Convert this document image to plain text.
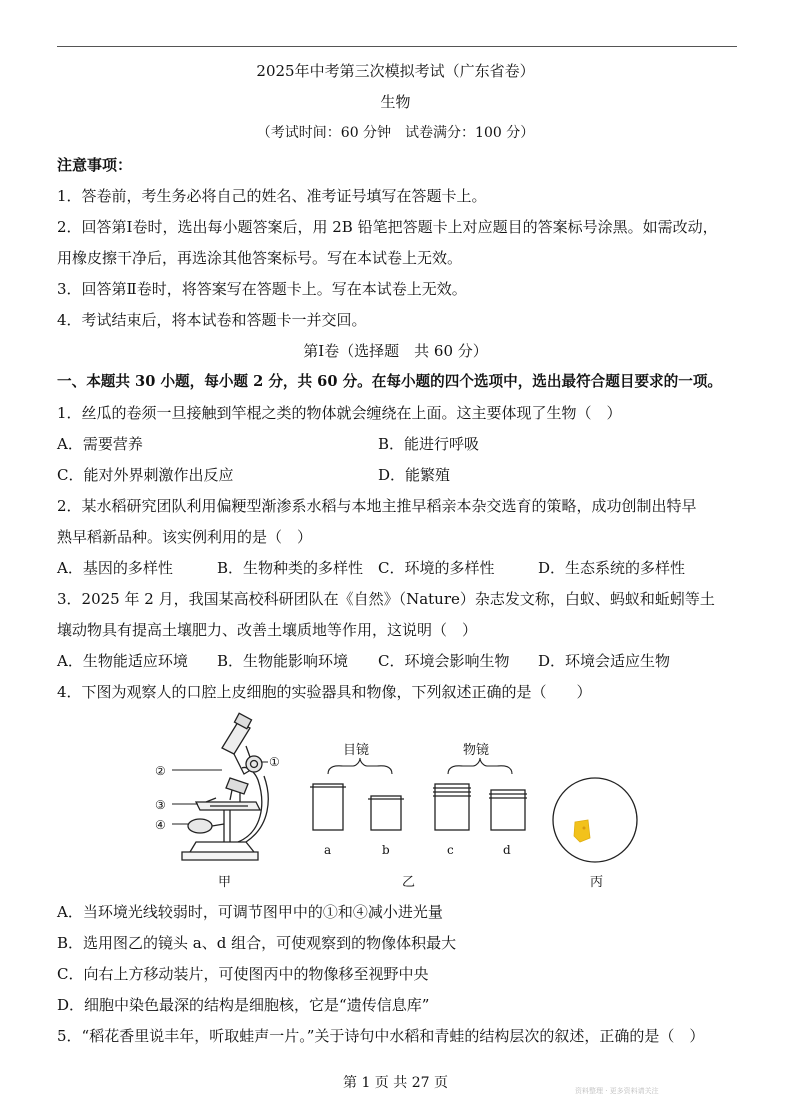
2025年中考第三次模拟考试（广东省卷）
生物
（考试时间：60 分钟　试卷满分：100 分）
注意事项：
1．答卷前，考生务必将自己的姓名、准考证号填写在答题卡上。
2．回答第Ⅰ卷时，选出每小题答案后，用 2B 铅笔把答题卡上对应题目的答案标号涂黑。如需改动，
用橡皮擦干净后，再选涂其他答案标号。写在本试卷上无效。
3．回答第Ⅱ卷时，将答案写在答题卡上。写在本试卷上无效。
4．考试结束后，将本试卷和答题卡一并交回。
第Ⅰ卷（选择题　共 60 分）
一、本题共 30 小题，每小题 2 分，共 60 分。在每小题的四个选项中，选出最符合题目要求的一项。
1．丝瓜的卷须一旦接触到竿棍之类的物体就会缠绕在上面。这主要体现了生物（　）
A．需要营养	B．能进行呼吸
C．能对外界刺激作出反应	D．能繁殖
2．某水稻研究团队利用偏粳型渐渗系水稻与本地主推早稻亲本杂交选育的策略，成功创制出特早
熟早稻新品种。该实例利用的是（　）
A．基因的多样性	B．生物种类的多样性 C．环境的多样性	D．生态系统的多样性
3．2025 年 2 月，我国某高校科研团队在《自然》（Nature）杂志发文称，白蚁、蚂蚁和蚯蚓等土
壤动物具有提高土壤肥力、改善土壤质地等作用，这说明（　）
A．生物能适应环境 B．生物能影响环境 C．环境会影响生物 D．环境会适应生物
4．下图为观察人的口腔上皮细胞的实验器具和物像，下列叙述正确的是（　　）
①
②
③
④
目镜
a	b
物镜
c	d
甲	乙	丙
A．当环境光线较弱时，可调节图甲中的①和④减小进光量
B．选用图乙的镜头 a、d 组合，可使观察到的物像体积最大
C．向右上方移动装片，可使图丙中的物像移至视野中央
D．细胞中染色最深的结构是细胞核，它是“遗传信息库”
5．“稻花香里说丰年，听取蛙声一片。”关于诗句中水稻和青蛙的结构层次的叙述，正确的是（　）
第 1 页 共 27 页	资料整理 · 更多资料请关注
